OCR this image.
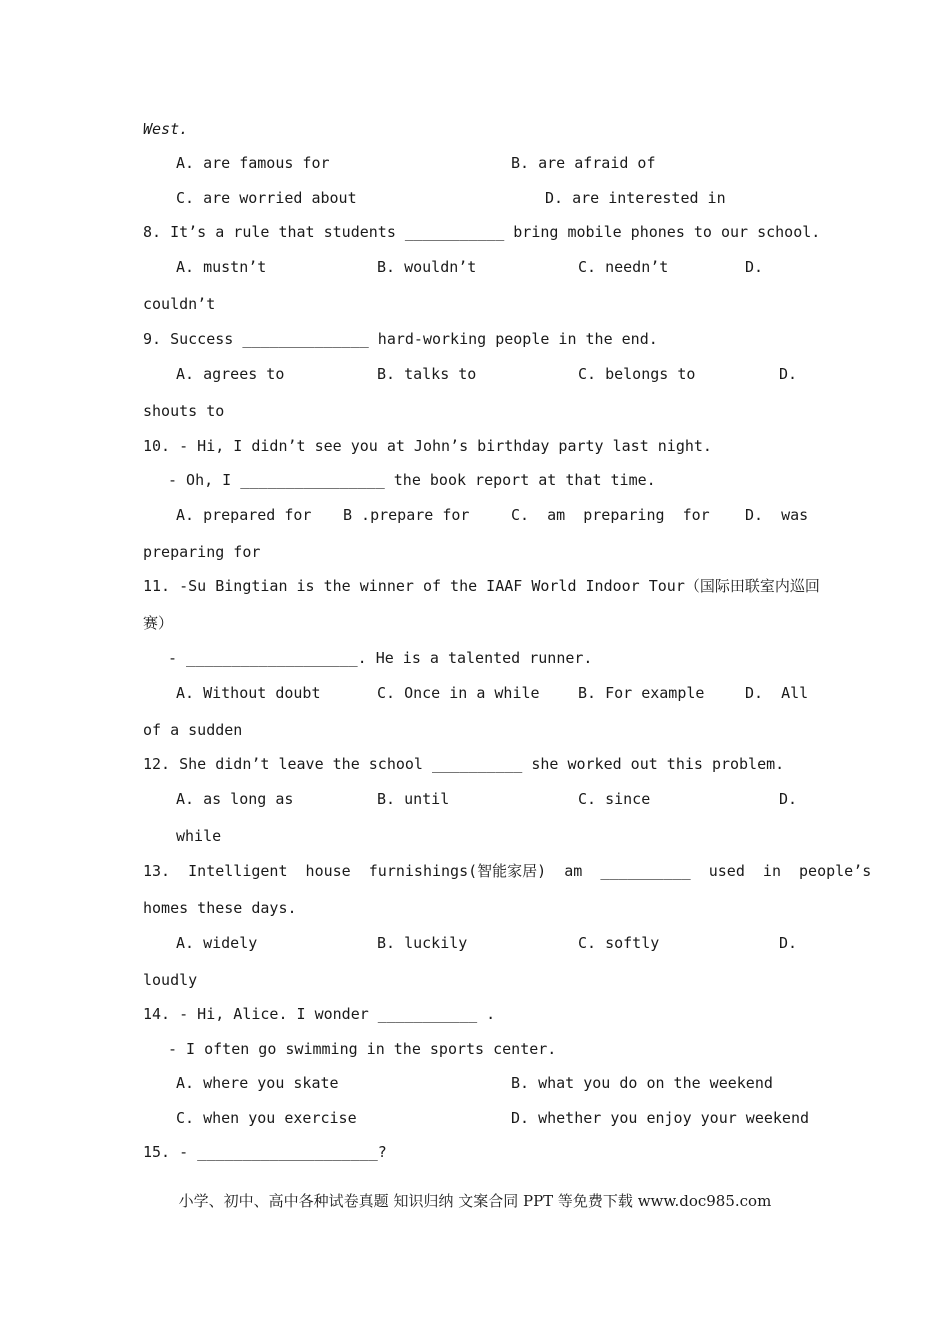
West.
A. are famous for	B. are afraid of
C. are worried about	D. are interested in
8. It’s a rule that students ___________ bring mobile phones to our school.
A. mustn’t	B. wouldn’t	C. needn’t	D.
couldn’t
9. Success ______________ hard-working people in the end.
A. agrees to	B. talks to	C. belongs to	D.
shouts to
10. - Hi, I didn’t see you at John’s birthday party last night.
- Oh, I ________________ the book report at that time.
A. prepared for B .prepare for	C.  am  preparing  for D.  was
preparing for
11. -Su Bingtian is the winner of the IAAF World Indoor Tour（国际田联室内巡回
赛）
- ___________________. He is a talented runner.
A. Without doubt	C. Once in a while	B. For example	D.  All
of a sudden
12. She didn’t leave the school __________ she worked out this problem.
A. as long as	B. until	C. since	D.
while
13.  Intelligent  house  furnishings(智能家居)  am  __________  used  in  people’s
homes these days.
A. widely	B. luckily	C. softly	D.
loudly
14. - Hi, Alice. I wonder ___________ .
- I often go swimming in the sports center.
A. where you skate	B. what you do on the weekend
C. when you exercise	D. whether you enjoy your weekend
15. - ____________________?
小学、初中、高中各种试卷真题 知识归纳 文案合同 PPT 等免费下载 www.doc985.com
